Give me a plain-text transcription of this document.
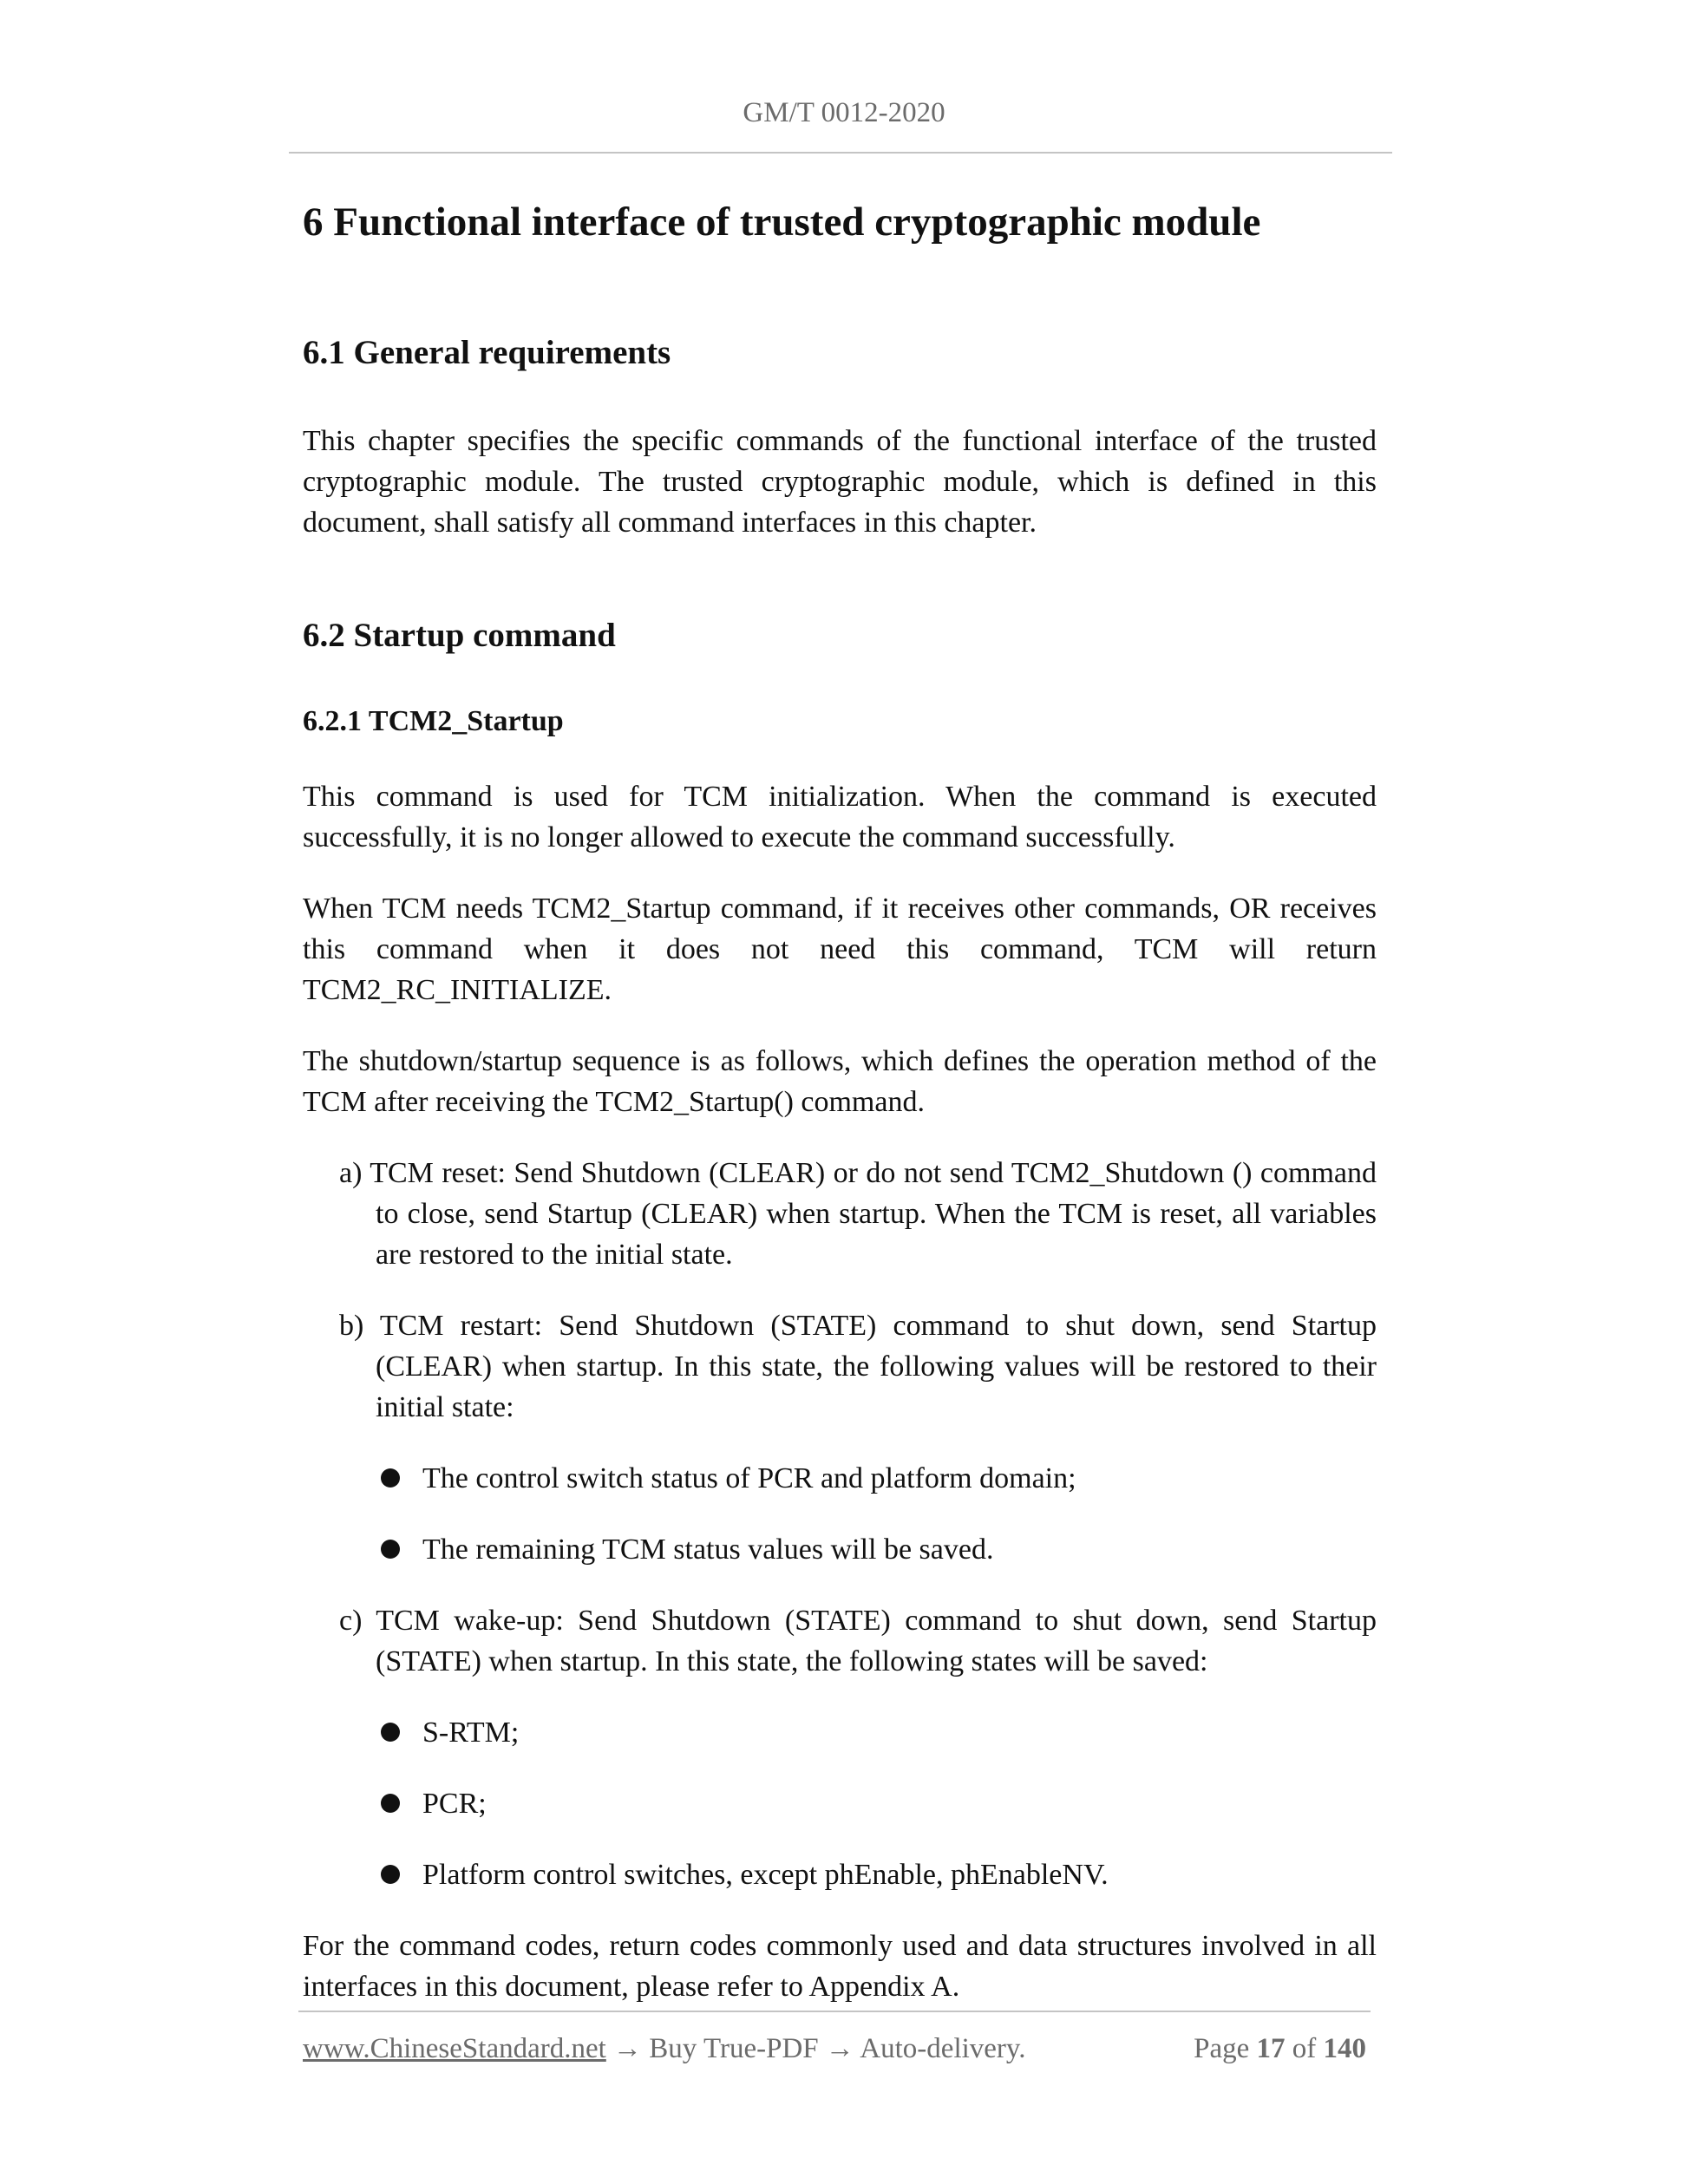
GM/T 0012-2020
6 Functional interface of trusted cryptographic module
6.1 General requirements

This chapter specifies the specific commands of the functional interface of the trusted cryptographic module. The trusted cryptographic module, which is defined in this document, shall satisfy all command interfaces in this chapter.

6.2 Startup command
6.2.1 TCM2_Startup

This command is used for TCM initialization. When the command is executed successfully, it is no longer allowed to execute the command successfully.

When TCM needs TCM2_Startup command, if it receives other commands, OR receives this command when it does not need this command, TCM will return TCM2_RC_INITIALIZE.

The shutdown/startup sequence is as follows, which defines the operation method of the TCM after receiving the TCM2_Startup() command.

a) TCM reset: Send Shutdown (CLEAR) or do not send TCM2_Shutdown () command to close, send Startup (CLEAR) when startup. When the TCM is reset, all variables are restored to the initial state.
b) TCM restart: Send Shutdown (STATE) command to shut down, send Startup (CLEAR) when startup. In this state, the following values will be restored to their initial state:
The control switch status of PCR and platform domain;
The remaining TCM status values will be saved.
c) TCM wake-up: Send Shutdown (STATE) command to shut down, send Startup (STATE) when startup. In this state, the following states will be saved:
S-RTM;
PCR;
Platform control switches, except phEnable, phEnableNV.

For the command codes, return codes commonly used and data structures involved in all interfaces in this document, please refer to Appendix A.

www.ChineseStandard.net → Buy True-PDF → Auto-delivery.	Page 17 of 140
